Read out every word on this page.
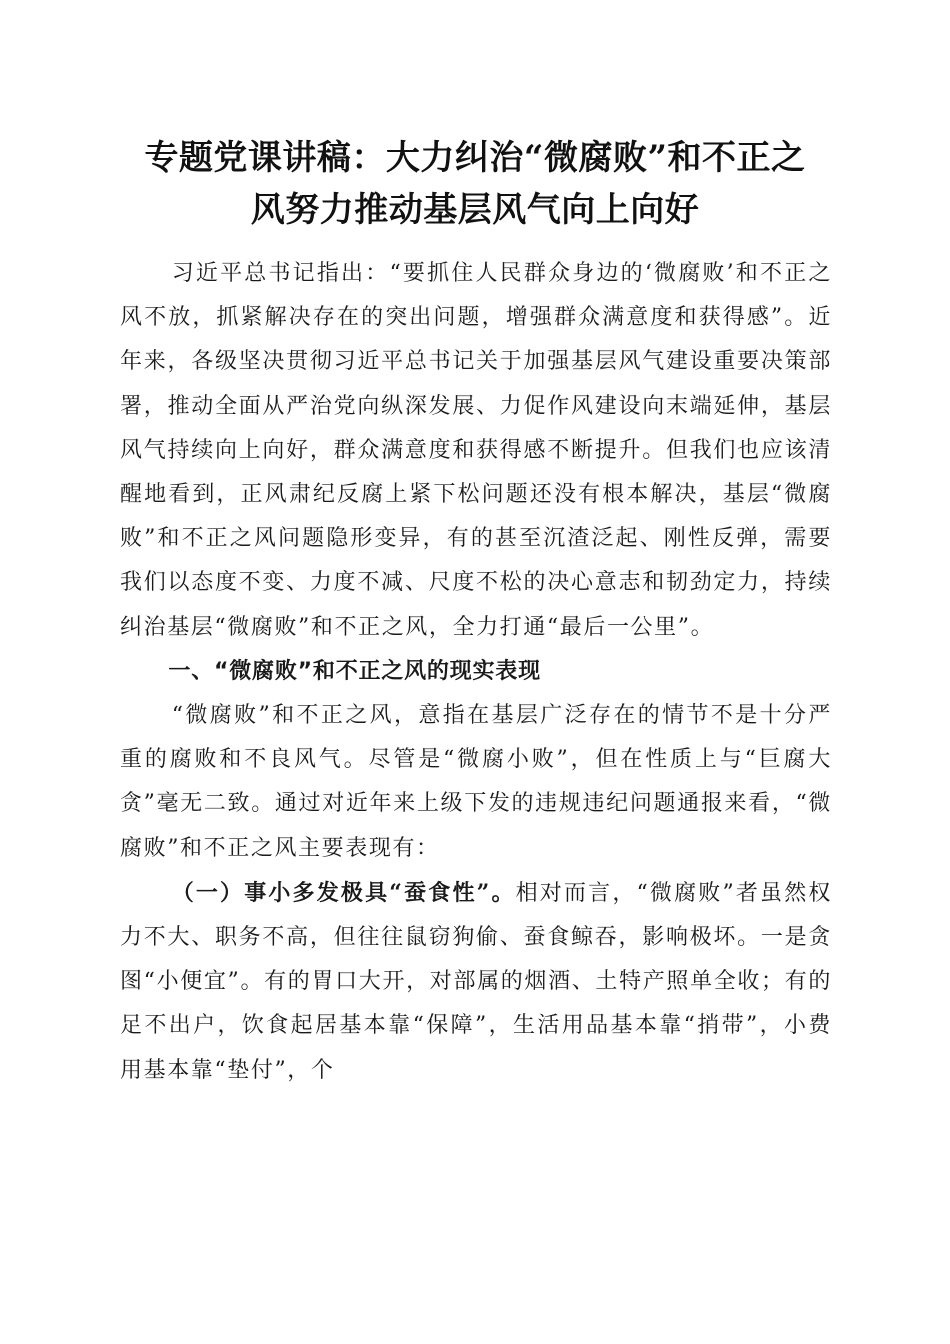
专题党课讲稿：大力纠治“微腐败”和不正之
风努力推动基层风气向上向好

习近平总书记指出：“要抓住人民群众身边的‘微腐败’和不正之风不放，抓紧解决存在的突出问题，增强群众满意度和获得感”。近年来，各级坚决贯彻习近平总书记关于加强基层风气建设重要决策部署，推动全面从严治党向纵深发展、力促作风建设向末端延伸，基层风气持续向上向好，群众满意度和获得感不断提升。但我们也应该清醒地看到，正风肃纪反腐上紧下松问题还没有根本解决，基层“微腐败”和不正之风问题隐形变异，有的甚至沉渣泛起、刚性反弹，需要我们以态度不变、力度不减、尺度不松的决心意志和韧劲定力，持续纠治基层“微腐败”和不正之风，全力打通“最后一公里”。

一、“微腐败”和不正之风的现实表现

“微腐败”和不正之风，意指在基层广泛存在的情节不是十分严重的腐败和不良风气。尽管是“微腐小败”，但在性质上与“巨腐大贪”毫无二致。通过对近年来上级下发的违规违纪问题通报来看，“微腐败”和不正之风主要表现有：

（一）事小多发极具“蚕食性”。相对而言，“微腐败”者虽然权力不大、职务不高，但往往鼠窃狗偷、蚕食鲸吞，影响极坏。一是贪图“小便宜”。有的胃口大开，对部属的烟酒、土特产照单全收；有的足不出户，饮食起居基本靠“保障”，生活用品基本靠“捎带”，小费用基本靠“垫付”，个
